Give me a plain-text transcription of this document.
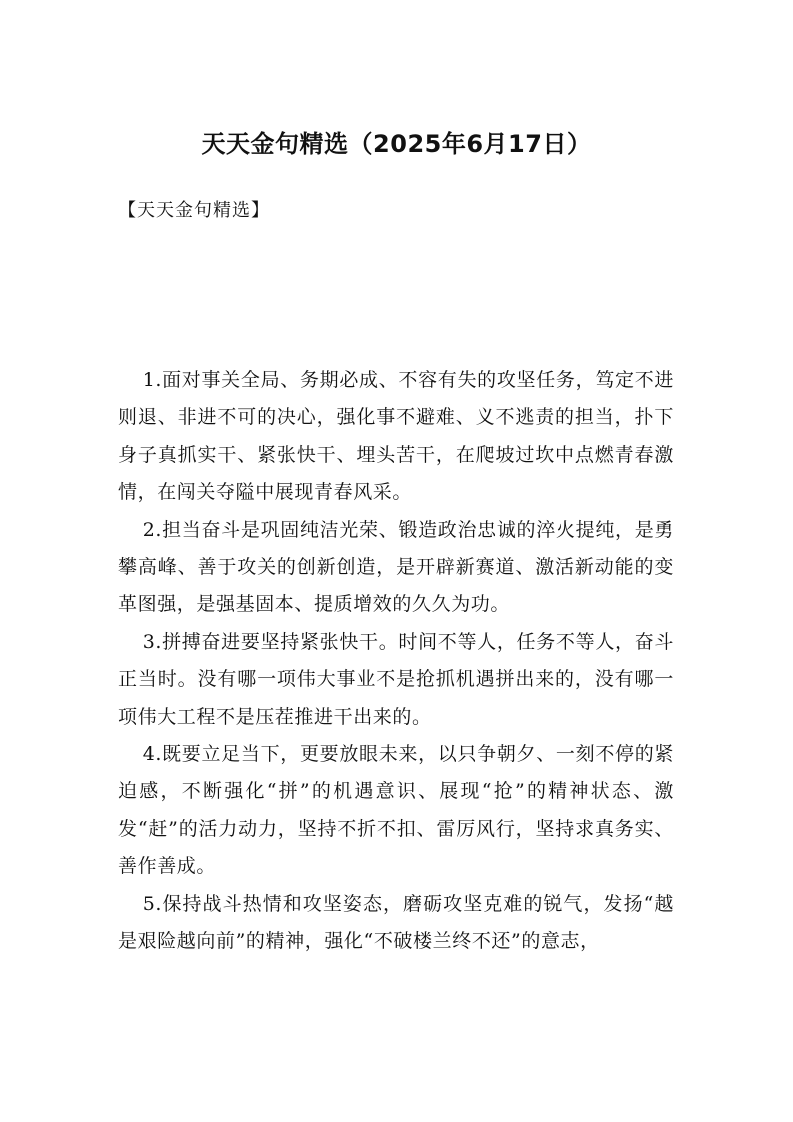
天天金句精选（2025年6月17日）
【天天金句精选】

1.面对事关全局、务期必成、不容有失的攻坚任务，笃定不进则退、非进不可的决心，强化事不避难、义不逃责的担当，扑下身子真抓实干、紧张快干、埋头苦干，在爬坡过坎中点燃青春激情，在闯关夺隘中展现青春风采。

2.担当奋斗是巩固纯洁光荣、锻造政治忠诚的淬火提纯，是勇攀高峰、善于攻关的创新创造，是开辟新赛道、激活新动能的变革图强，是强基固本、提质增效的久久为功。

3.拼搏奋进要坚持紧张快干。时间不等人，任务不等人，奋斗正当时。没有哪一项伟大事业不是抢抓机遇拼出来的，没有哪一项伟大工程不是压茬推进干出来的。

4.既要立足当下，更要放眼未来，以只争朝夕、一刻不停的紧迫感，不断强化“拼”的机遇意识、展现“抢”的精神状态、激发“赶”的活力动力，坚持不折不扣、雷厉风行，坚持求真务实、善作善成。

5.保持战斗热情和攻坚姿态，磨砺攻坚克难的锐气，发扬“越是艰险越向前”的精神，强化“不破楼兰终不还”的意志，
